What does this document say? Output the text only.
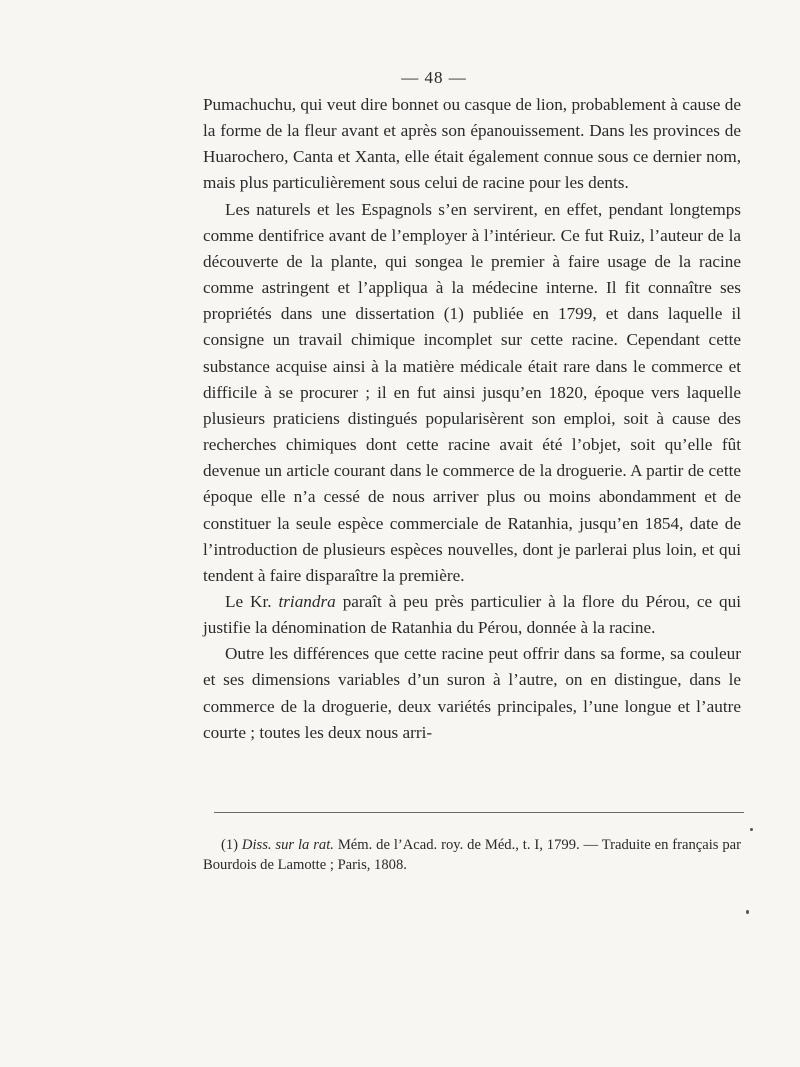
— 48 —

Pumachuchu, qui veut dire bonnet ou casque de lion, probablement à cause de la forme de la fleur avant et après son épanouissement. Dans les provinces de Huarochero, Canta et Xanta, elle était également connue sous ce dernier nom, mais plus particulièrement sous celui de racine pour les dents.

Les naturels et les Espagnols s’en servirent, en effet, pendant longtemps comme dentifrice avant de l’employer à l’intérieur. Ce fut Ruiz, l’auteur de la découverte de la plante, qui songea le premier à faire usage de la racine comme astringent et l’appliqua à la médecine interne. Il fit connaître ses propriétés dans une dissertation (1) publiée en 1799, et dans laquelle il consigne un travail chimique incomplet sur cette racine. Cependant cette substance acquise ainsi à la matière médicale était rare dans le commerce et difficile à se procurer ; il en fut ainsi jusqu’en 1820, époque vers laquelle plusieurs praticiens distingués popularisèrent son emploi, soit à cause des recherches chimiques dont cette racine avait été l’objet, soit qu’elle fût devenue un article courant dans le commerce de la droguerie. A partir de cette époque elle n’a cessé de nous arriver plus ou moins abondamment et de constituer la seule espèce commerciale de Ratanhia, jusqu’en 1854, date de l’introduction de plusieurs espèces nouvelles, dont je parlerai plus loin, et qui tendent à faire disparaître la première.

Le Kr. triandra paraît à peu près particulier à la flore du Pérou, ce qui justifie la dénomination de Ratanhia du Pérou, donnée à la racine.

Outre les différences que cette racine peut offrir dans sa forme, sa couleur et ses dimensions variables d’un suron à l’autre, on en distingue, dans le commerce de la droguerie, deux variétés principales, l’une longue et l’autre courte ; toutes les deux nous arri-

(1) Diss. sur la rat. Mém. de l’Acad. roy. de Méd., t. I, 1799. — Traduite en français par Bourdois de Lamotte ; Paris, 1808.
